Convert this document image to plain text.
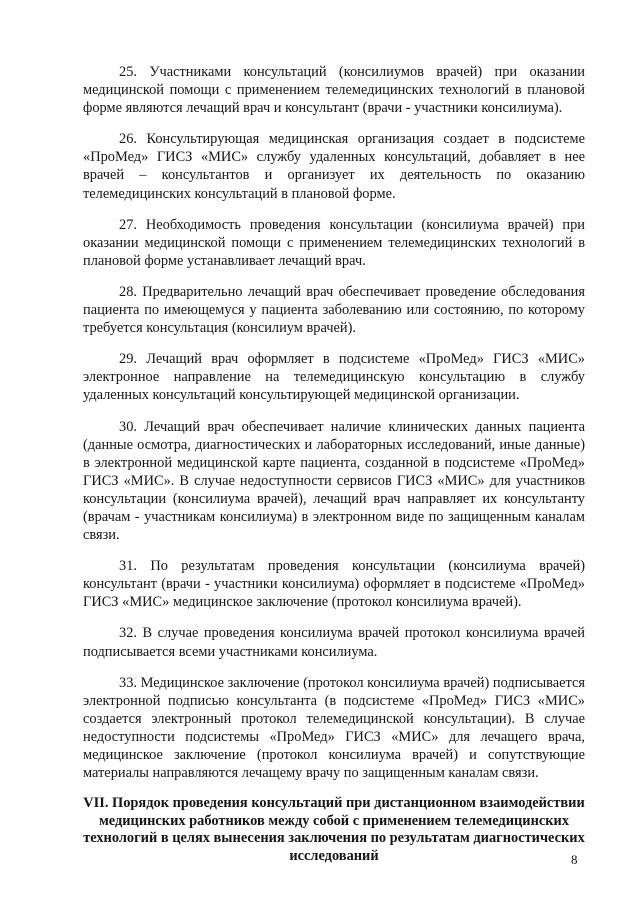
25. Участниками консультаций (консилиумов врачей) при оказании медицинской помощи с применением телемедицинских технологий в плановой форме являются лечащий врач и консультант (врачи - участники консилиума).

26. Консультирующая медицинская организация создает в подсистеме «ПроМед» ГИСЗ «МИС» службу удаленных консультаций, добавляет в нее врачей – консультантов и организует их деятельность по оказанию телемедицинских консультаций в плановой форме.

27. Необходимость проведения консультации (консилиума врачей) при оказании медицинской помощи с применением телемедицинских технологий в плановой форме устанавливает лечащий врач.

28. Предварительно лечащий врач обеспечивает проведение обследования пациента по имеющемуся у пациента заболеванию или состоянию, по которому требуется консультация (консилиум врачей).

29. Лечащий врач оформляет в подсистеме «ПроМед» ГИСЗ «МИС» электронное направление на телемедицинскую консультацию в службу удаленных консультаций консультирующей медицинской организации.

30. Лечащий врач обеспечивает наличие клинических данных пациента (данные осмотра, диагностических и лабораторных исследований, иные данные) в электронной медицинской карте пациента, созданной в подсистеме «ПроМед» ГИСЗ «МИС». В случае недоступности сервисов ГИСЗ «МИС» для участников консультации (консилиума врачей), лечащий врач направляет их консультанту (врачам - участникам консилиума) в электронном виде по защищенным каналам связи.

31. По результатам проведения консультации (консилиума врачей) консультант (врачи - участники консилиума) оформляет в подсистеме «ПроМед» ГИСЗ «МИС» медицинское заключение (протокол консилиума врачей).

32. В случае проведения консилиума врачей протокол консилиума врачей подписывается всеми участниками консилиума.

33. Медицинское заключение (протокол консилиума врачей) подписывается электронной подписью консультанта (в подсистеме «ПроМед» ГИСЗ «МИС» создается электронный протокол телемедицинской консультации). В случае недоступности подсистемы «ПроМед» ГИСЗ «МИС» для лечащего врача, медицинское заключение (протокол консилиума врачей) и сопутствующие материалы направляются лечащему врачу по защищенным каналам связи.

VII. Порядок проведения консультаций при дистанционном взаимодействии медицинских работников между собой с применением телемедицинских технологий в целях вынесения заключения по результатам диагностических исследований	8
